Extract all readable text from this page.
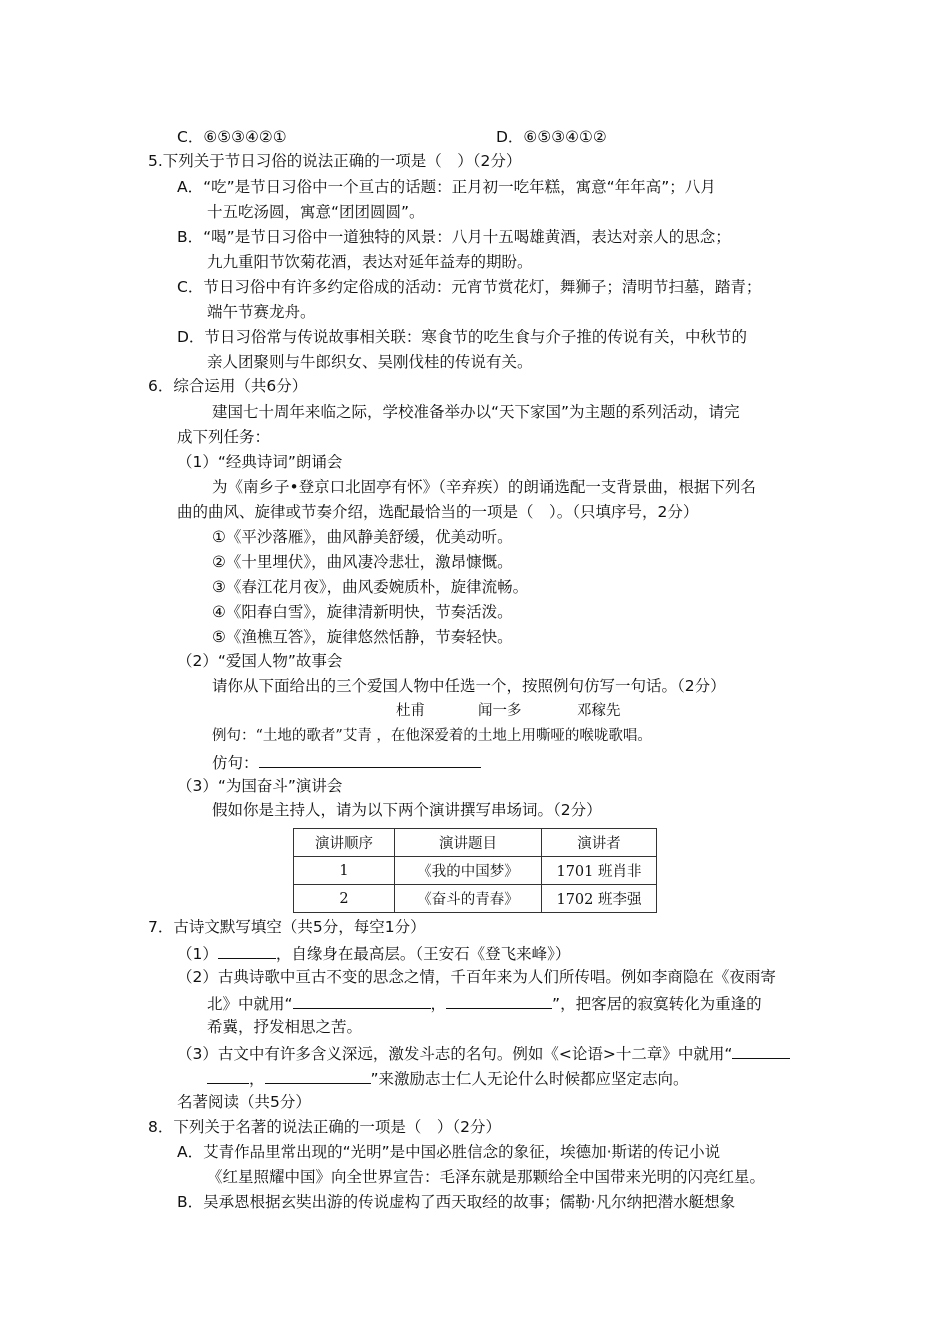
C．⑥⑤③④②①	D．⑥⑤③④①②
5.下列关于节日习俗的说法正确的一项是（　）（2分）
A．“吃”是节日习俗中一个亘古的话题：正月初一吃年糕，寓意“年年高”；八月
十五吃汤圆，寓意“团团圆圆”。
B．“喝”是节日习俗中一道独特的风景：八月十五喝雄黄酒，表达对亲人的思念；
九九重阳节饮菊花酒，表达对延年益寿的期盼。
C．节日习俗中有许多约定俗成的活动：元宵节赏花灯，舞狮子；清明节扫墓，踏青；
端午节赛龙舟。
D．节日习俗常与传说故事相关联：寒食节的吃生食与介子推的传说有关，中秋节的
亲人团聚则与牛郎织女、吴刚伐桂的传说有关。
6．综合运用（共6分）
建国七十周年来临之际，学校准备举办以“天下家国”为主题的系列活动，请完
成下列任务：
（1）“经典诗词”朗诵会
为《南乡子•登京口北固亭有怀》（辛弃疾）的朗诵选配一支背景曲，根据下列名
曲的曲风、旋律或节奏介绍，选配最恰当的一项是（　）。（只填序号，2分）
①《平沙落雁》，曲风静美舒缓，优美动听。
②《十里埋伏》，曲风凄冷悲壮，激昂慷慨。
③《春江花月夜》，曲风委婉质朴，旋律流畅。
④《阳春白雪》，旋律清新明快，节奏活泼。
⑤《渔樵互答》，旋律悠然恬静，节奏轻快。
（2）“爱国人物”故事会
请你从下面给出的三个爱国人物中任选一个，按照例句仿写一句话。（2分）
杜甫	闻一多	邓稼先
例句：“土地的歌者”艾青 ，在他深爱着的土地上用嘶哑的喉咙歌唱。
仿句：
（3）“为国奋斗”演讲会
假如你是主持人，请为以下两个演讲撰写串场词。（2分）
演讲顺序	演讲题目	演讲者
1	《我的中国梦》	1701 班肖非
2	《奋斗的青春》	1702 班李强
7．古诗文默写填空（共5分，每空1分）
（1）	，自缘身在最高层。（王安石《登飞来峰》）
（2）古典诗歌中亘古不变的思念之情，千百年来为人们所传唱。例如李商隐在《夜雨寄
北》中就用“	，	”，把客居的寂寞转化为重逢的
希冀，抒发相思之苦。
（3）古文中有许多含义深远，激发斗志的名句。例如《<论语>十二章》中就用“
，	”来激励志士仁人无论什么时候都应坚定志向。
名著阅读（共5分）
8．下列关于名著的说法正确的一项是（　）（2分）
A．艾青作品里常出现的“光明”是中国必胜信念的象征，埃德加·斯诺的传记小说
《红星照耀中国》向全世界宣告：毛泽东就是那颗给全中国带来光明的闪亮红星。
B．吴承恩根据玄奘出游的传说虚构了西天取经的故事；儒勒·凡尔纳把潜水艇想象
